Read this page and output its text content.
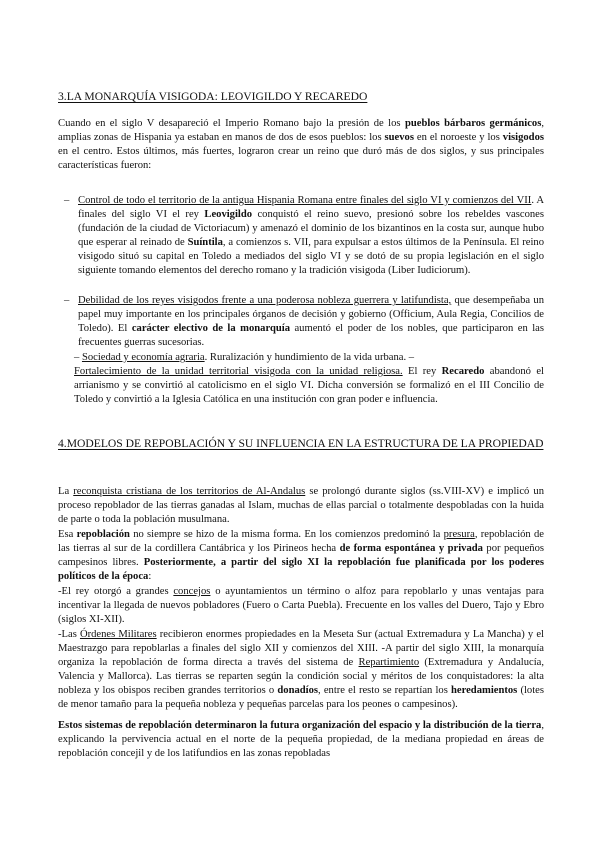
3.LA MONARQUÍA VISIGODA: LEOVIGILDO Y RECAREDO
Cuando en el siglo V desapareció el Imperio Romano bajo la presión de los pueblos bárbaros germánicos, amplias zonas de Hispania ya estaban en manos de dos de esos pueblos: los suevos en el noroeste y los visigodos en el centro. Estos últimos, más fuertes, lograron crear un reino que duró más de dos siglos, y sus principales características fueron:
– Control de todo el territorio de la antigua Hispania Romana entre finales del siglo VI y comienzos del VII. A finales del siglo VI el rey Leovigildo conquistó el reino suevo, presionó sobre los rebeldes vascones (fundación de la ciudad de Victoriacum) y amenazó el dominio de los bizantinos en la costa sur, aunque hubo que esperar al reinado de Suíntila, a comienzos s. VII, para expulsar a estos últimos de la Península. El reino visigodo situó su capital en Toledo a mediados del siglo VI y se dotó de su propia legislación en el siglo siguiente tomando elementos del derecho romano y la tradición visigoda (Liber Iudiciorum).
– Debilidad de los reyes visigodos frente a una poderosa nobleza guerrera y latifundista, que desempeñaba un papel muy importante en los principales órganos de decisión y gobierno (Officium, Aula Regia, Concilios de Toledo). El carácter electivo de la monarquía aumentó el poder de los nobles, que participaron en las frecuentes guerras sucesorias.
– Sociedad y economía agraria. Ruralización y hundimiento de la vida urbana. –
Fortalecimiento de la unidad territorial visigoda con la unidad religiosa. El rey Recaredo abandonó el arrianismo y se convirtió al catolicismo en el siglo VI. Dicha conversión se formalizó en el III Concilio de Toledo y convirtió a la Iglesia Católica en una institución con gran poder e influencia.
4.MODELOS DE REPOBLACIÓN Y SU INFLUENCIA EN LA ESTRUCTURA DE LA PROPIEDAD
La reconquista cristiana de los territorios de Al-Andalus se prolongó durante siglos (ss.VIII-XV) e implicó un proceso repoblador de las tierras ganadas al Islam, muchas de ellas parcial o totalmente despobladas con la huida de parte o toda la población musulmana.
Esa repoblación no siempre se hizo de la misma forma. En los comienzos predominó la presura, repoblación de las tierras al sur de la cordillera Cantábrica y los Pirineos hecha de forma espontánea y privada por pequeños campesinos libres. Posteriormente, a partir del siglo XI la repoblación fue planificada por los poderes políticos de la época:
-El rey otorgó a grandes concejos o ayuntamientos un término o alfoz para repoblarlo y unas ventajas para incentivar la llegada de nuevos pobladores (Fuero o Carta Puebla). Frecuente en los valles del Duero, Tajo y Ebro (siglos XI-XII).
-Las Órdenes Militares recibieron enormes propiedades en la Meseta Sur (actual Extremadura y La Mancha) y el Maestrazgo para repoblarlas a finales del siglo XII y comienzos del XIII. -A partir del siglo XIII, la monarquía organiza la repoblación de forma directa a través del sistema de Repartimiento (Extremadura y Andalucía, Valencia y Mallorca). Las tierras se reparten según la condición social y méritos de los conquistadores: la alta nobleza y los obispos reciben grandes territorios o donadíos, entre el resto se repartían los heredamientos (lotes de menor tamaño para la pequeña nobleza y pequeñas parcelas para los peones o campesinos).
Estos sistemas de repoblación determinaron la futura organización del espacio y la distribución de la tierra, explicando la pervivencia actual en el norte de la pequeña propiedad, de la mediana propiedad en áreas de repoblación concejil y de los latifundios en las zonas repobladas
